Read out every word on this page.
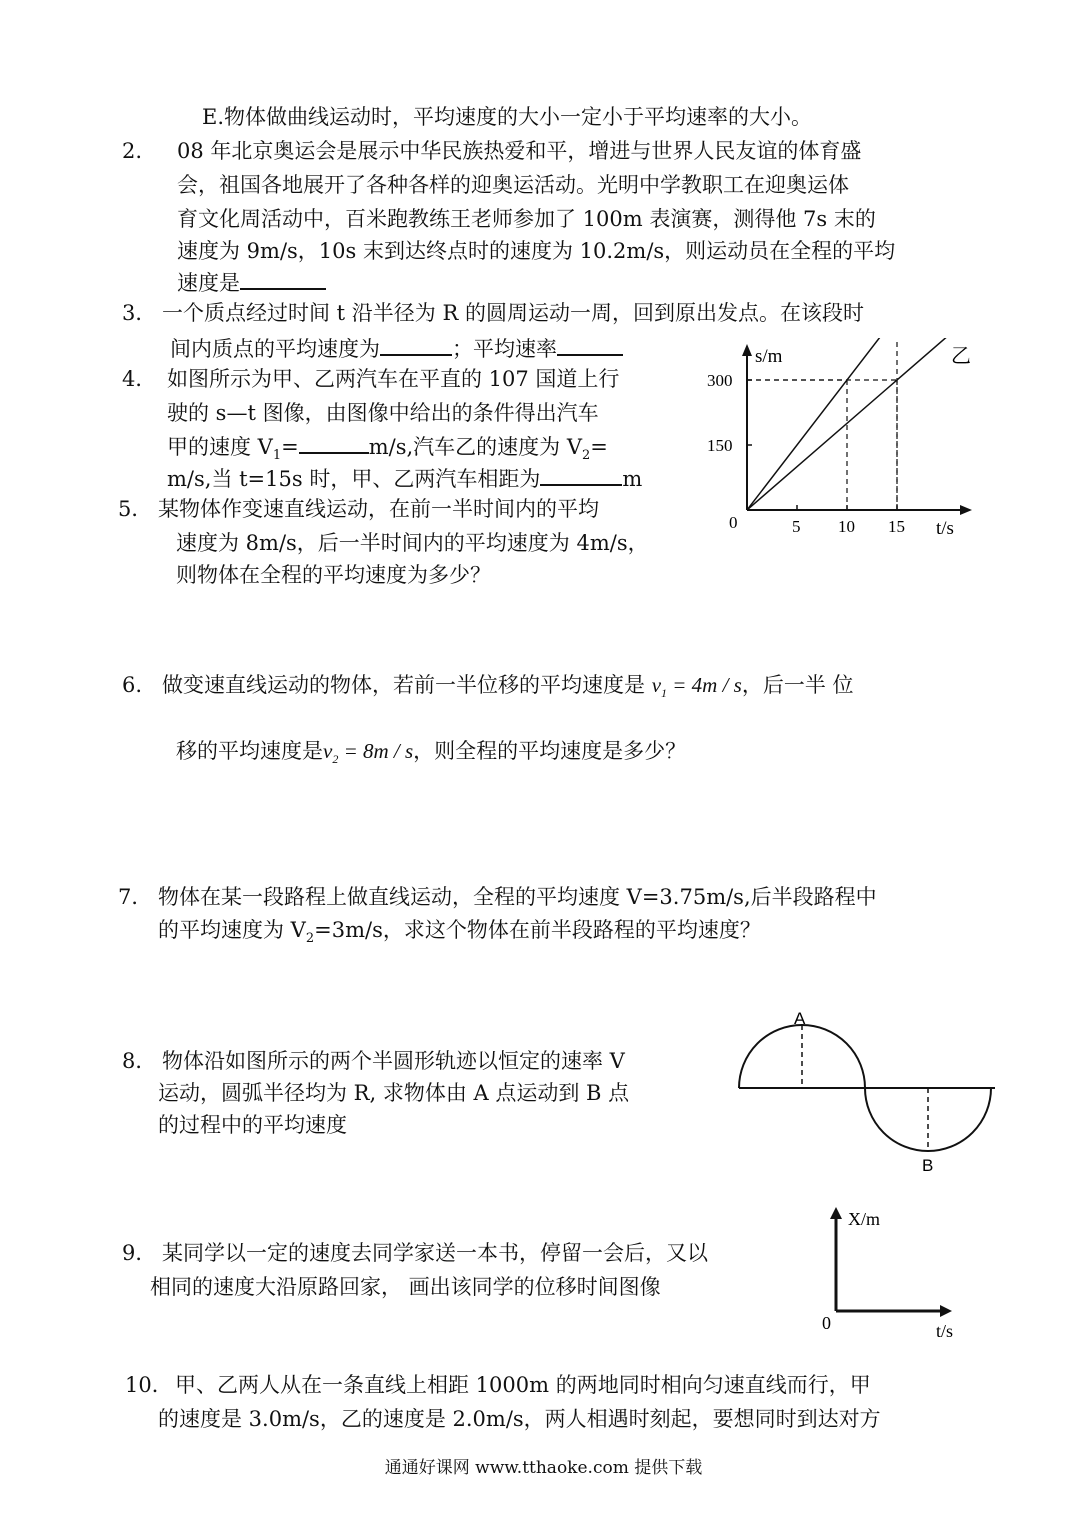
E.物体做曲线运动时，平均速度的大小一定小于平均速率的大小。
2. 08 年北京奥运会是展示中华民族热爱和平，增进与世界人民友谊的体育盛
会，祖国各地展开了各种各样的迎奥运活动。光明中学教职工在迎奥运体
育文化周活动中，百米跑教练王老师参加了 100m 表演赛，测得他 7s 末的
速度为 9m/s，10s 末到达终点时的速度为 10.2m/s，则运动员在全程的平均
速度是
3． 一个质点经过时间 t 沿半径为 R 的圆周运动一周，回到原出发点。在该段时
间内质点的平均速度为	；平均速率
4． 如图所示为甲、乙两汽车在平直的 107 国道上行
驶的 s—t 图像，由图像中给出的条件得出汽车
甲的速度 $V_1=$	m/s,汽车乙的速度为 $V_2=$
m/s,当 t=15s 时，甲、乙两汽车相距为	m
5 10 15
150
300
0
s/m
t/s
乙
5． 某物体作变速直线运动，在前一半时间内的平均
速度为 8m/s，后一半时间内的平均速度为 4m/s，
则物体在全程的平均速度为多少？
6. 做变速直线运动的物体，若前一半位移的平均速度是 $v_1 = 4m / s$，后一半 位
移的平均速度是$v_2 = 8m / s$，则全程的平均速度是多少？
7． 物体在某一段路程上做直线运动，全程的平均速度 V=3.75m/s,后半段路程中
的平均速度为 $V_2=3m/s$，求这个物体在前半段路程的平均速度？
8． 物体沿如图所示的两个半圆形轨迹以恒定的速率 V
运动，圆弧半径均为 R, 求物体由 A 点运动到 B 点
的过程中的平均速度
A
B
9． 某同学以一定的速度去同学家送一本书，停留一会后，又以
相同的速度大沿原路回家， 画出该同学的位移时间图像
X/m
t/s
0
10． 甲、乙两人从在一条直线上相距 1000m 的两地同时相向匀速直线而行，甲
的速度是 3.0m/s，乙的速度是 2.0m/s，两人相遇时刻起，要想同时到达对方
通通好课网 www.tthaoke.com 提供下载
